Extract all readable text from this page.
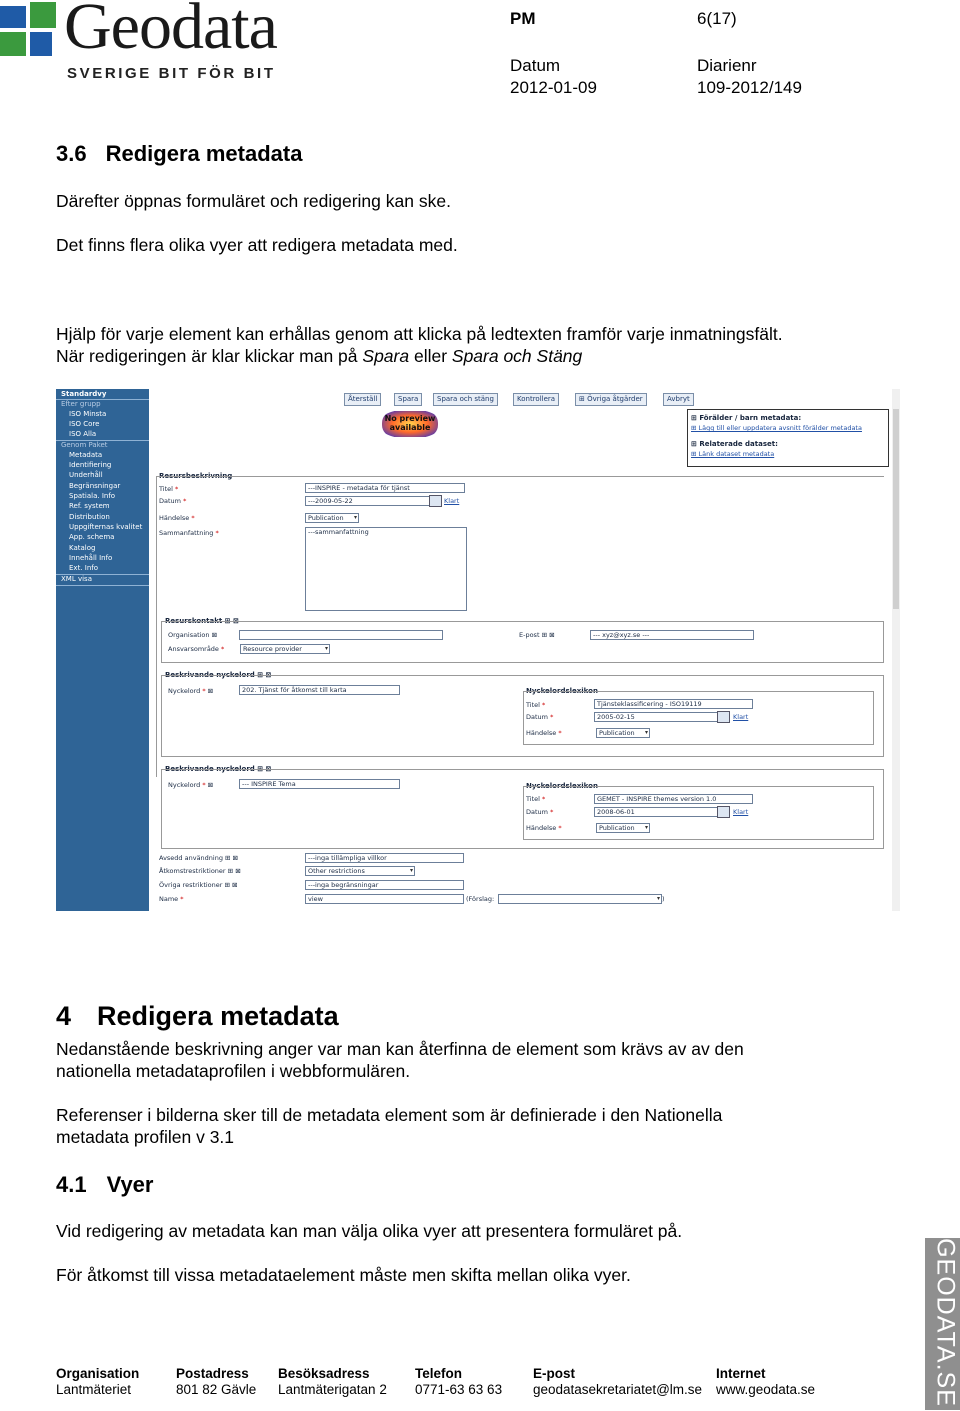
Geodata
SVERIGE BIT FÖR BIT
PM	6(17)
Datum
2012-01-09
Diarienr
109-2012/149
3.6 Redigera metadata
Därefter öppnas formuläret och redigering kan ske.
Det finns flera olika vyer att redigera metadata med.
Hjälp för varje element kan erhållas genom att klicka på ledtexten framför varje inmatningsfält.
När redigeringen är klar klickar man på Spara eller Spara och Stäng
Standardvy
Efter grupp
ISO Minsta
ISO Core
ISO Alla
Genom Paket
Metadata
Identifiering
Underhåll
Begränsningar
Spatiala. Info
Ref. system
Distribution
Uppgifternas kvalitet
App. schema
Katalog
Innehåll Info
Ext. Info
XML visa
Återställ	Spara	Spara och stäng	Kontrollera	⊞ Övriga åtgärder	Avbryt
No preview available
⊞ Förälder / barn metadata:
⊞ Lägg till eller uppdatera avsnitt förälder metadata
⊞ Relaterade dataset:
⊞ Länk dataset metadata
Resursbeskrivning
Titel *	---INSPIRE - metadata för tjänst
Datum *	---2009-05-22	Klart
Händelse *	Publication ▾
Sammanfattning *	---sammanfattning
Resurskontakt ⊞ ⊠
Organisation ⊠
Ansvarsområde *	Resource provider ▾
E-post ⊞ ⊠	--- xyz@xyz.se ---
Beskrivande nyckelord ⊞ ⊠
Nyckelord * ⊠	202. Tjänst för åtkomst till karta	Nyckelordslexikon
Titel *	Tjänsteklassificering - ISO19119
Datum *	2005-02-15	Klart
Händelse *	Publication ▾
Beskrivande nyckelord ⊞ ⊠
Nyckelord * ⊠	--- INSPIRE Tema	Nyckelordslexikon
Titel *	GEMET - INSPIRE themes version 1.0
Datum *	2008-06-01	Klart
Händelse *	Publication ▾
Avsedd användning ⊞ ⊠	---inga tillämpliga villkor
Åtkomstrestriktioner ⊞ ⊠	Other restrictions ▾
Övriga restriktioner ⊞ ⊠	---inga begränsningar
Name *	view	(Förslag:
▾	)
4 Redigera metadata
Nedanstående beskrivning anger var man kan återfinna de element som krävs av av den
nationella metadataprofilen i webbformulären.
Referenser i bilderna sker till de metadata element som är definierade i den Nationella
metadata profilen v 3.1
4.1 Vyer
Vid redigering av metadata kan man välja olika vyer att presentera formuläret på.
För åtkomst till vissa metadataelement måste men skifta mellan olika vyer.
Organisation
Lantmäteriet
Postadress
801 82 Gävle
Besöksadress
Lantmäterigatan 2
Telefon
0771-63 63 63
E-post
geodatasekretariatet@lm.se
Internet
www.geodata.se	GEODATA.SE
